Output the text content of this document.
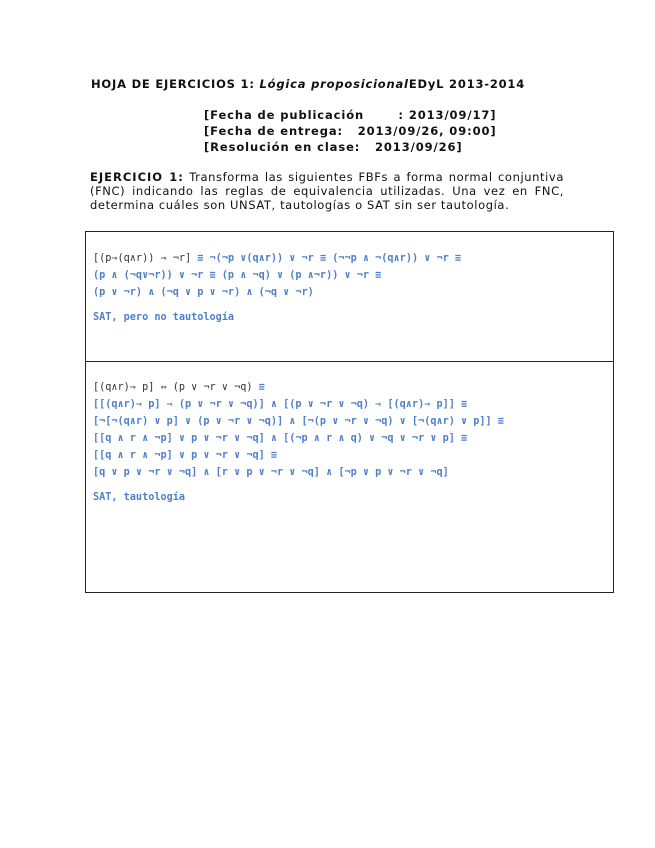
HOJA DE EJERCICIOS 1: Lógica proposicionalEDyL 2013-2014
[Fecha de publicación       : 2013/09/17]
[Fecha de entrega:   2013/09/26, 09:00]
[Resolución en clase:   2013/09/26]
EJERCICIO 1: Transforma las siguientes FBFs a forma normal conjuntiva (FNC) indicando las reglas de equivalencia utilizadas. Una vez en FNC, determina cuáles son UNSAT, tautologías o SAT sin ser tautología.
[(p⇒(q∧r)) ⇒ ¬r] ≡ ¬(¬p ∨(q∧r)) ∨ ¬r ≡ (¬¬p ∧ ¬(q∧r)) ∨ ¬r ≡
(p ∧ (¬q∨¬r)) ∨ ¬r ≡ (p ∧ ¬q) ∨ (p ∧¬r)) ∨ ¬r ≡
(p ∨ ¬r) ∧ (¬q ∨ p ∨ ¬r) ∧ (¬q ∨ ¬r)
SAT, pero no tautología
[(q∧r)⇒ p] ⇔ (p ∨ ¬r ∨ ¬q) ≡
[[(q∧r)⇒ p] ⇒ (p ∨ ¬r ∨ ¬q)] ∧ [(p ∨ ¬r ∨ ¬q) ⇒ [(q∧r)⇒ p]] ≡
[¬[¬(q∧r) ∨ p] ∨ (p ∨ ¬r ∨ ¬q)] ∧ [¬(p ∨ ¬r ∨ ¬q) ∨ [¬(q∧r) ∨ p]] ≡
[[q ∧ r ∧ ¬p] ∨ p ∨ ¬r ∨ ¬q] ∧ [(¬p ∧ r ∧ q) ∨ ¬q ∨ ¬r ∨ p] ≡
[[q ∧ r ∧ ¬p] ∨ p ∨ ¬r ∨ ¬q] ≡
[q ∨ p ∨ ¬r ∨ ¬q] ∧ [r ∨ p ∨ ¬r ∨ ¬q] ∧ [¬p ∨ p ∨ ¬r ∨ ¬q]
SAT, tautología
